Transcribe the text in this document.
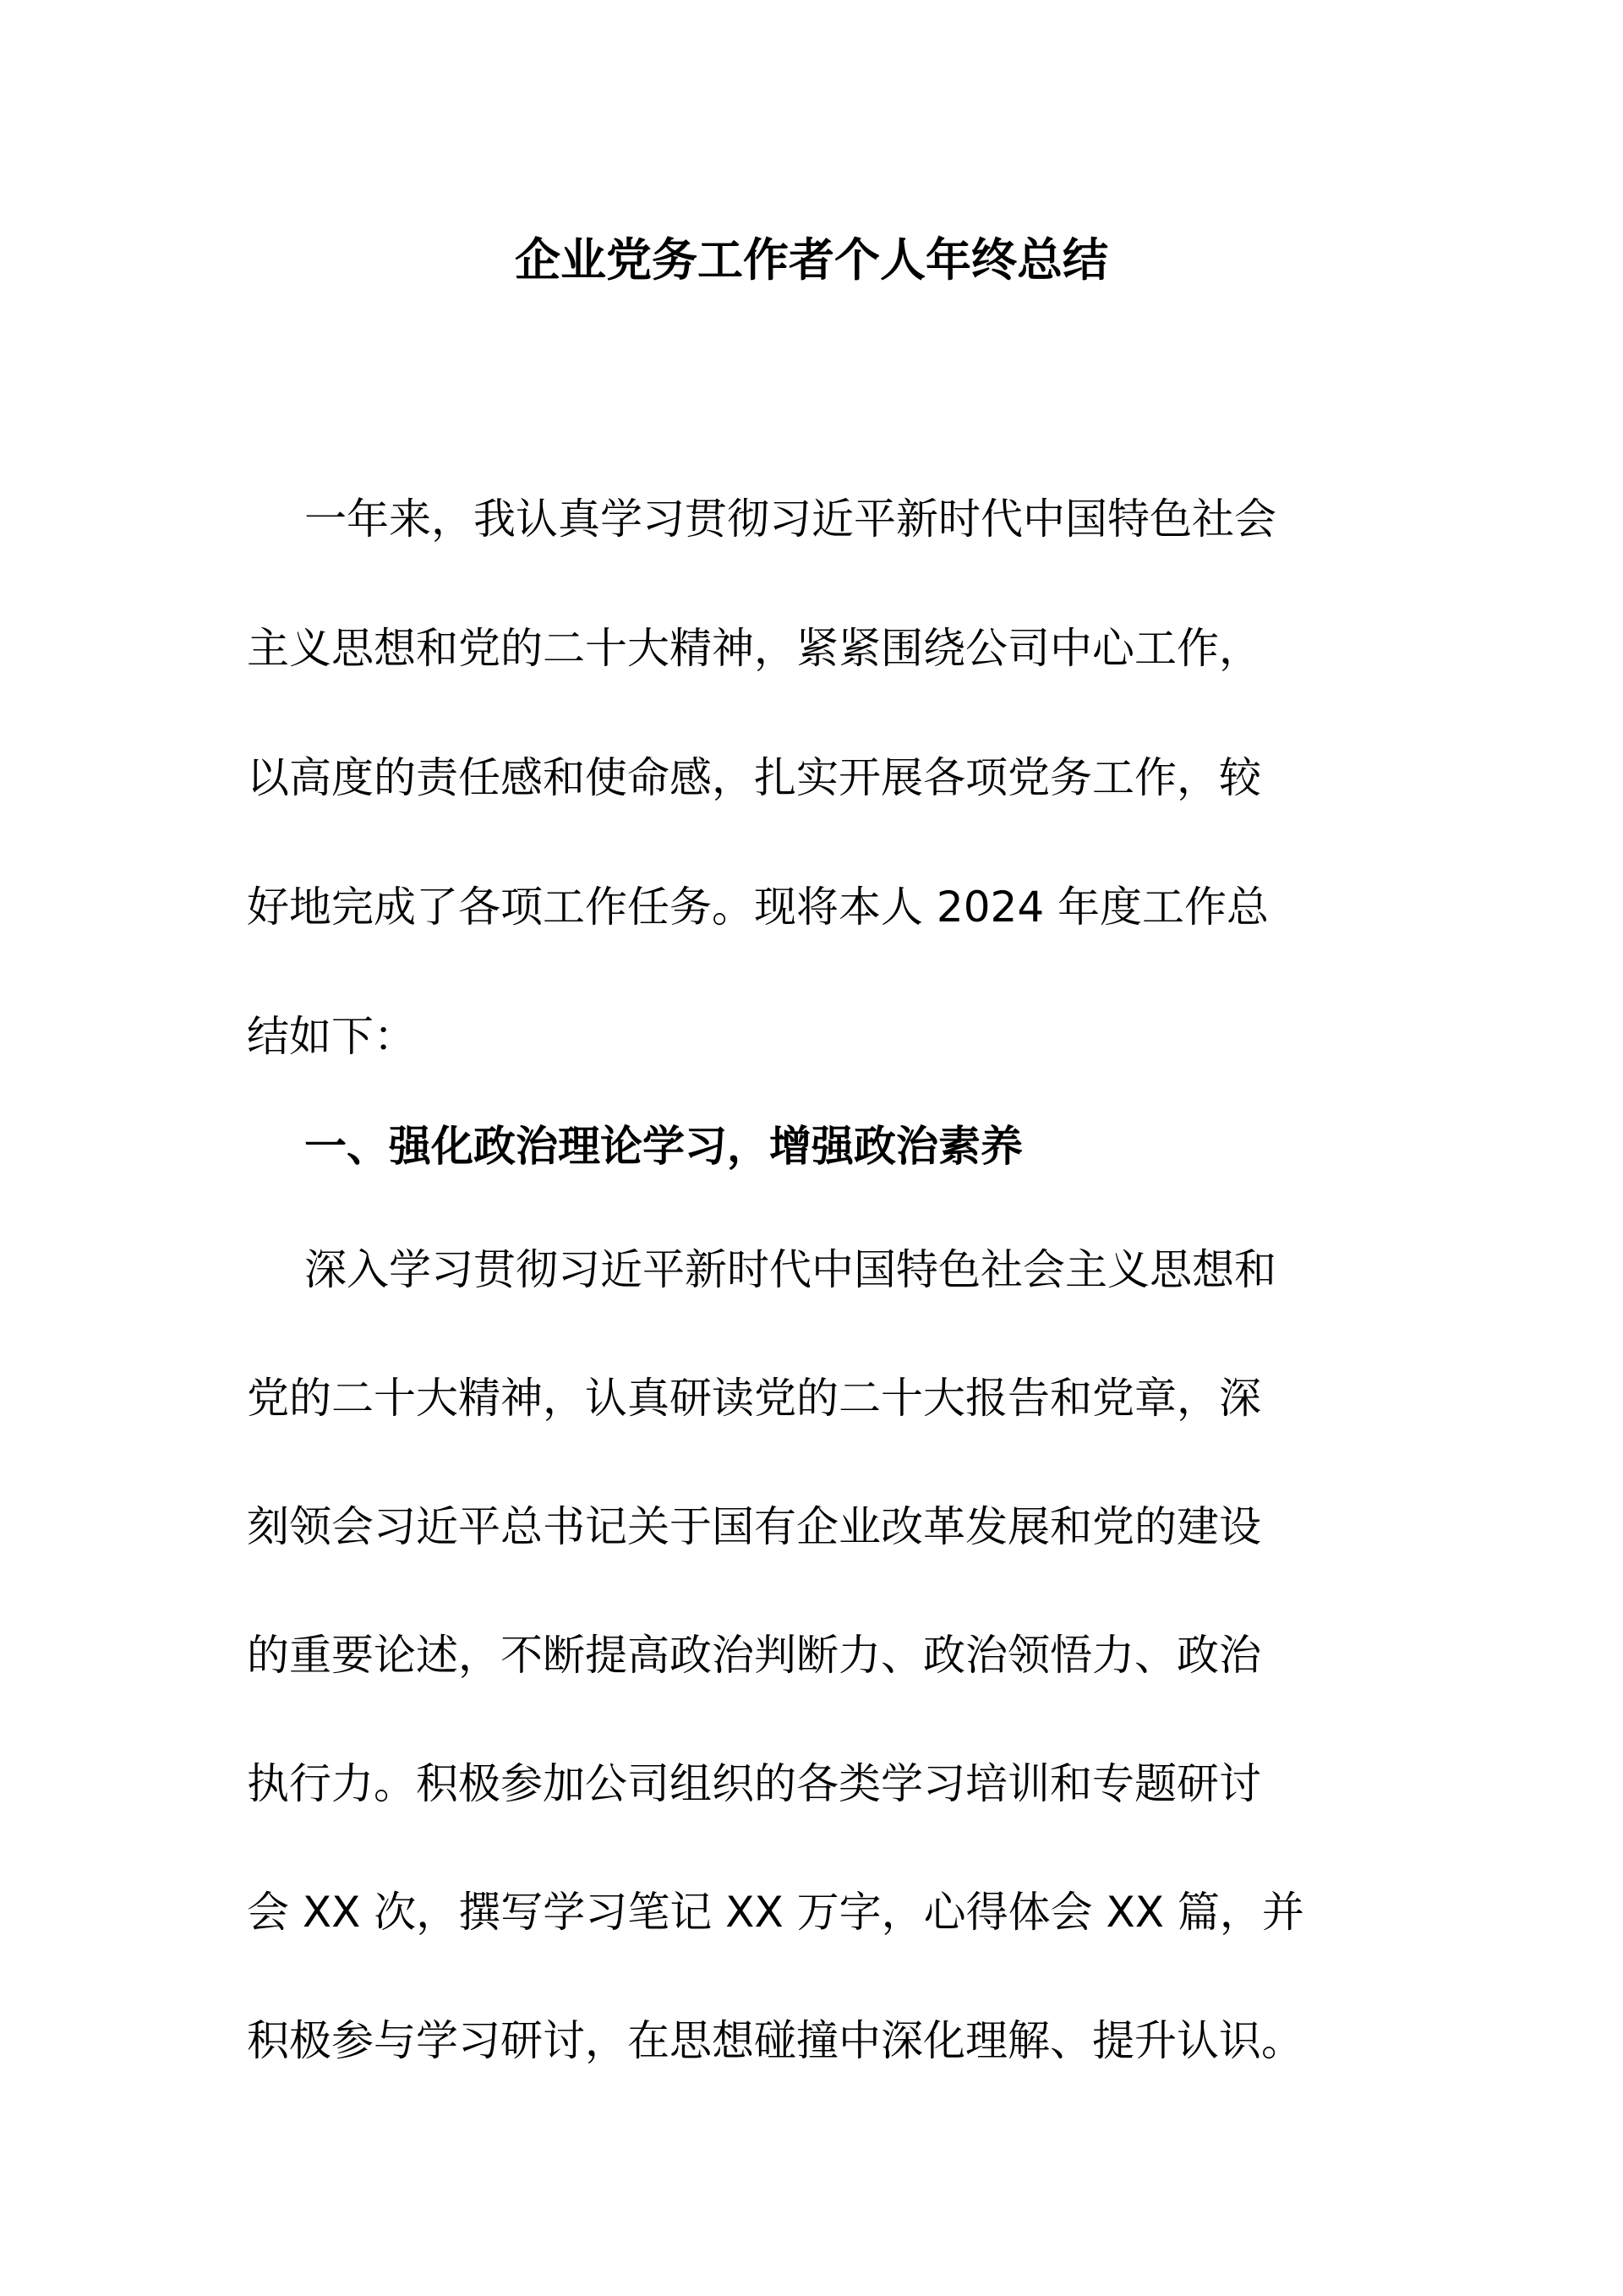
企业党务工作者个人年终总结
一年来，我认真学习贯彻习近平新时代中国特色社会
主义思想和党的二十大精神，紧紧围绕公司中心工作，
以高度的责任感和使命感，扎实开展各项党务工作，较
好地完成了各项工作任务。现将本人 2024 年度工作总
结如下：
一、强化政治理论学习，增强政治素养
深入学习贯彻习近平新时代中国特色社会主义思想和
党的二十大精神，认真研读党的二十大报告和党章，深
刻领会习近平总书记关于国有企业改革发展和党的建设
的重要论述，不断提高政治判断力、政治领悟力、政治
执行力。积极参加公司组织的各类学习培训和专题研讨
会 XX 次，撰写学习笔记 XX 万字，心得体会 XX 篇，并
积极参与学习研讨，在思想碰撞中深化理解、提升认识。
